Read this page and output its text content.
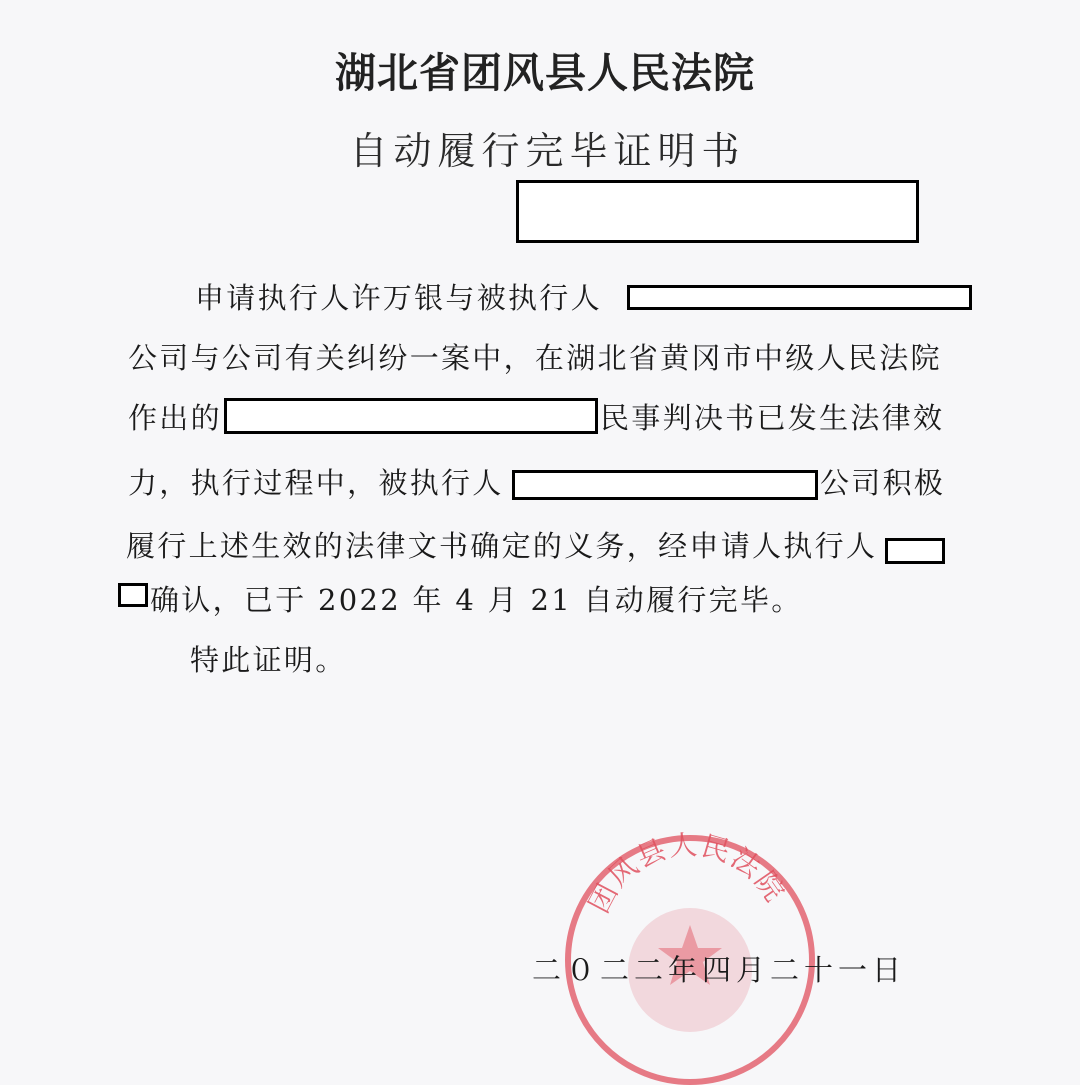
湖北省团风县人民法院
自动履行完毕证明书
申请执行人许万银与被执行人
公司与公司有关纠纷一案中，在湖北省黄冈市中级人民法院
作出的	民事判决书已发生法律效
力，执行过程中，被执行人	公司积极
履行上述生效的法律文书确定的义务，经申请人执行人
确认，已于 2022 年 4 月 21 自动履行完毕。
特此证明。
团风县人民法院
二０二二年四月二十一日
